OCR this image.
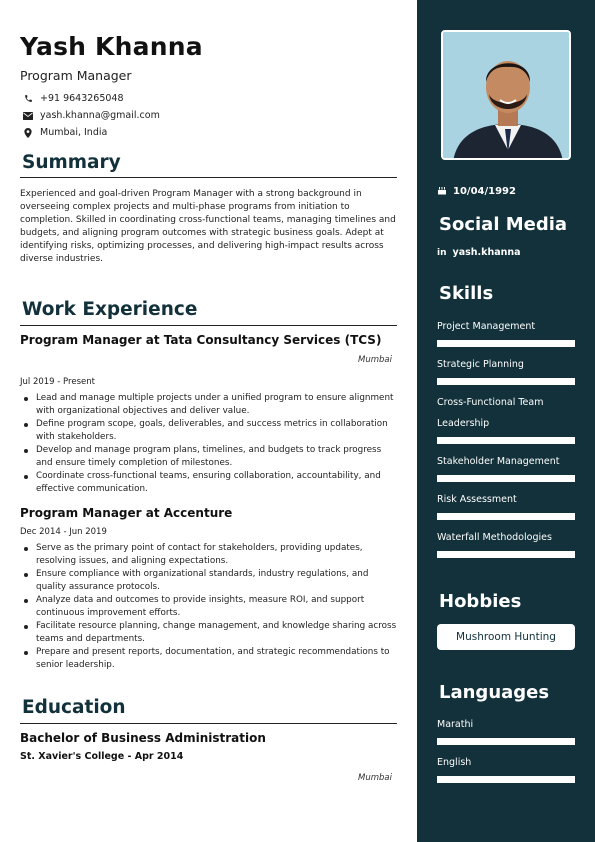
Yash Khanna
Program Manager
+91 9643265048
yash.khanna@gmail.com
Mumbai, India
Summary
Experienced and goal-driven Program Manager with a strong background in overseeing complex projects and multi-phase programs from initiation to completion. Skilled in coordinating cross-functional teams, managing timelines and budgets, and aligning program outcomes with strategic business goals. Adept at identifying risks, optimizing processes, and delivering high-impact results across diverse industries.
Work Experience
Program Manager at Tata Consultancy Services (TCS)
Mumbai
Jul 2019 - Present
Lead and manage multiple projects under a unified program to ensure alignment with organizational objectives and deliver value.
Define program scope, goals, deliverables, and success metrics in collaboration with stakeholders.
Develop and manage program plans, timelines, and budgets to track progress and ensure timely completion of milestones.
Coordinate cross-functional teams, ensuring collaboration, accountability, and effective communication.
Program Manager at Accenture
Dec 2014 - Jun 2019
Serve as the primary point of contact for stakeholders, providing updates, resolving issues, and aligning expectations.
Ensure compliance with organizational standards, industry regulations, and quality assurance protocols.
Analyze data and outcomes to provide insights, measure ROI, and support continuous improvement efforts.
Facilitate resource planning, change management, and knowledge sharing across teams and departments.
Prepare and present reports, documentation, and strategic recommendations to senior leadership.
Education
Bachelor of Business Administration
St. Xavier's College - Apr 2014
Mumbai
10/04/1992
Social Media
in yash.khanna
Skills
Project Management
Strategic Planning
Cross-Functional Team Leadership
Stakeholder Management
Risk Assessment
Waterfall Methodologies
Hobbies
Mushroom Hunting
Languages
Marathi
English
